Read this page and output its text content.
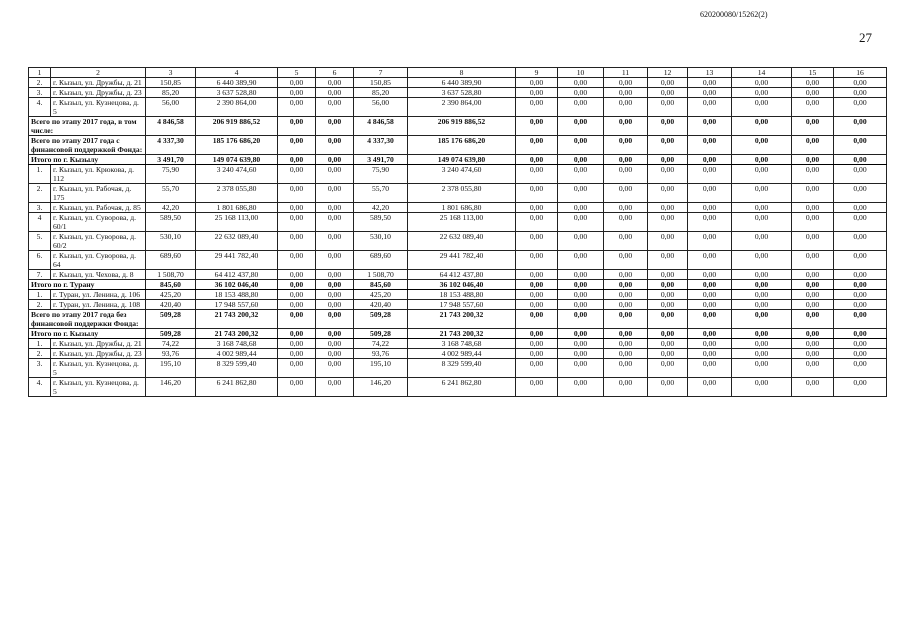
620200080/15262(2)
27
1	2	3	4	5	6	7	8	9	10	11	12	13	14	15	16
2.	г. Кызыл, ул. Дружбы, д. 21	150,85	6 440 389,90	0,00	0,00	150,85	6 440 389,90	0,00	0,00	0,00	0,00	0,00	0,00	0,00	0,00
3.	г. Кызыл, ул. Дружбы, д. 23	85,20	3 637 528,80	0,00	0,00	85,20	3 637 528,80	0,00	0,00	0,00	0,00	0,00	0,00	0,00	0,00
4.	г. Кызыл, ул. Кузнецова, д. 5	56,00	2 390 864,00	0,00	0,00	56,00	2 390 864,00	0,00	0,00	0,00	0,00	0,00	0,00	0,00	0,00
Всего по этапу 2017 года, в том числе:		4 846,58	206 919 886,52	0,00	0,00	4 846,58	206 919 886,52	0,00	0,00	0,00	0,00	0,00	0,00	0,00	0,00
Всего по этапу 2017 года с финансовой поддержкой Фонда:		4 337,30	185 176 686,20	0,00	0,00	4 337,30	185 176 686,20	0,00	0,00	0,00	0,00	0,00	0,00	0,00	0,00
Итого по г. Кызылу		3 491,70	149 074 639,80	0,00	0,00	3 491,70	149 074 639,80	0,00	0,00	0,00	0,00	0,00	0,00	0,00	0,00
1.	г. Кызыл, ул. Крюкова, д. 112	75,90	3 240 474,60	0,00	0,00	75,90	3 240 474,60	0,00	0,00	0,00	0,00	0,00	0,00	0,00	0,00
2.	г. Кызыл, ул. Рабочая, д. 175	55,70	2 378 055,80	0,00	0,00	55,70	2 378 055,80	0,00	0,00	0,00	0,00	0,00	0,00	0,00	0,00
3.	г. Кызыл, ул. Рабочая, д. 85	42,20	1 801 686,80	0,00	0,00	42,20	1 801 686,80	0,00	0,00	0,00	0,00	0,00	0,00	0,00	0,00
4	г. Кызыл, ул. Суворова, д. 60/1	589,50	25 168 113,00	0,00	0,00	589,50	25 168 113,00	0,00	0,00	0,00	0,00	0,00	0,00	0,00	0,00
5.	г. Кызыл, ул. Суворова, д. 60/2	530,10	22 632 089,40	0,00	0,00	530,10	22 632 089,40	0,00	0,00	0,00	0,00	0,00	0,00	0,00	0,00
6.	г. Кызыл, ул. Суворова, д. 64	689,60	29 441 782,40	0,00	0,00	689,60	29 441 782,40	0,00	0,00	0,00	0,00	0,00	0,00	0,00	0,00
7.	г. Кызыл, ул. Чехова, д. 8	1 508,70	64 412 437,80	0,00	0,00	1 508,70	64 412 437,80	0,00	0,00	0,00	0,00	0,00	0,00	0,00	0,00
Итого по г. Турану		845,60	36 102 046,40	0,00	0,00	845,60	36 102 046,40	0,00	0,00	0,00	0,00	0,00	0,00	0,00	0,00
1.	г. Туран, ул. Ленина, д. 106	425,20	18 153 488,80	0,00	0,00	425,20	18 153 488,80	0,00	0,00	0,00	0,00	0,00	0,00	0,00	0,00
2.	г. Туран, ул. Ленина, д. 108	420,40	17 948 557,60	0,00	0,00	420,40	17 948 557,60	0,00	0,00	0,00	0,00	0,00	0,00	0,00	0,00
Всего по этапу 2017 года без финансовой поддержки Фонда:		509,28	21 743 200,32	0,00	0,00	509,28	21 743 200,32	0,00	0,00	0,00	0,00	0,00	0,00	0,00	0,00
Итого по г. Кызылу		509,28	21 743 200,32	0,00	0,00	509,28	21 743 200,32	0,00	0,00	0,00	0,00	0,00	0,00	0,00	0,00
1.	г. Кызыл, ул. Дружбы, д. 21	74,22	3 168 748,68	0,00	0,00	74,22	3 168 748,68	0,00	0,00	0,00	0,00	0,00	0,00	0,00	0,00
2.	г. Кызыл, ул. Дружбы, д. 23	93,76	4 002 989,44	0,00	0,00	93,76	4 002 989,44	0,00	0,00	0,00	0,00	0,00	0,00	0,00	0,00
3.	г. Кызыл, ул. Кузнецова, д. 5	195,10	8 329 599,40	0,00	0,00	195,10	8 329 599,40	0,00	0,00	0,00	0,00	0,00	0,00	0,00	0,00
4.	г. Кызыл, ул. Кузнецова, д. 5	146,20	6 241 862,80	0,00	0,00	146,20	6 241 862,80	0,00	0,00	0,00	0,00	0,00	0,00	0,00	0,00
